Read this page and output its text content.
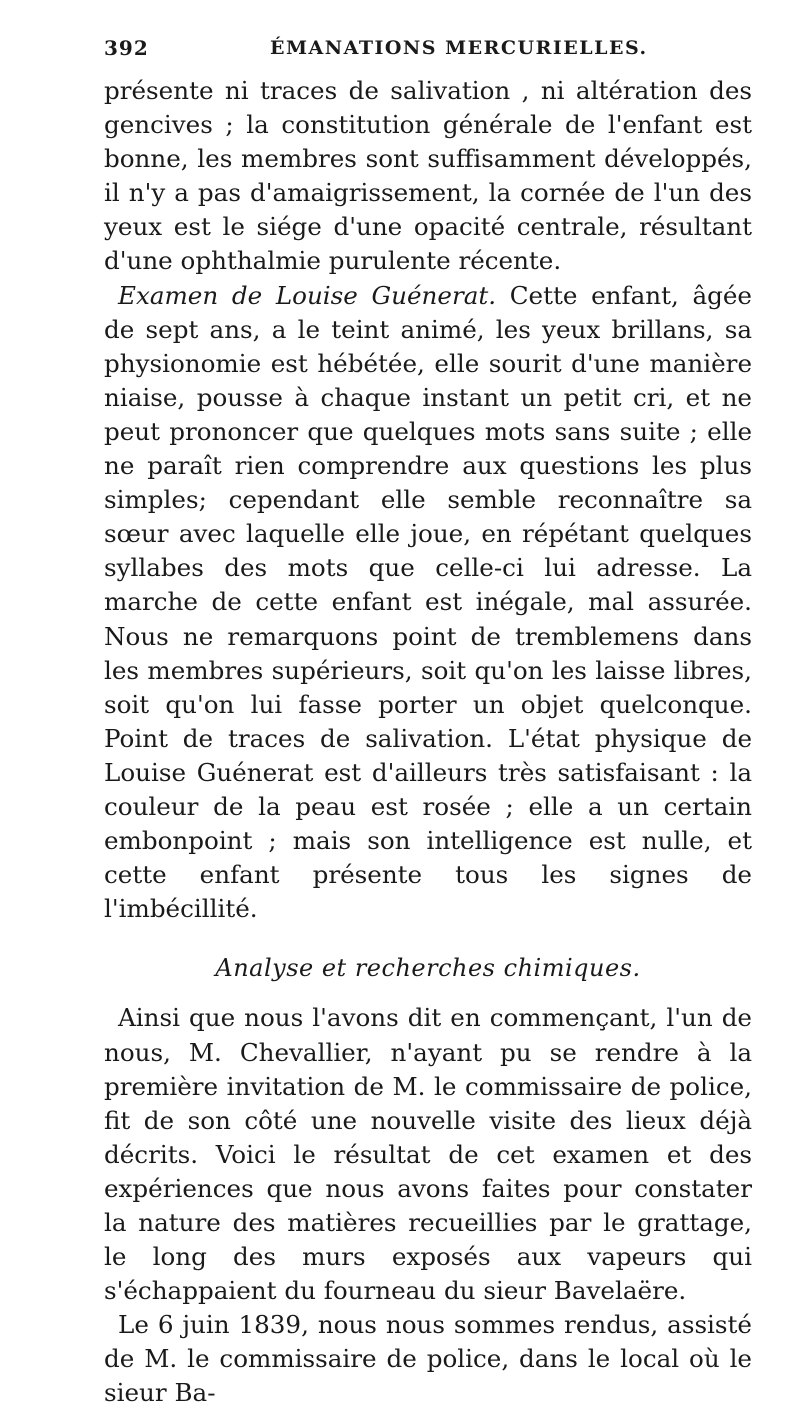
392	ÉMANATIONS MERCURIELLES.

présente ni traces de salivation , ni altération des gencives ; la constitution générale de l'enfant est bonne, les membres sont suffisamment développés, il n'y a pas d'amaigrissement, la cornée de l'un des yeux est le siége d'une opacité centrale, résultant d'une ophthalmie purulente récente.

Examen de Louise Guénerat. Cette enfant, âgée de sept ans, a le teint animé, les yeux brillans, sa physionomie est hébétée, elle sourit d'une manière niaise, pousse à chaque instant un petit cri, et ne peut prononcer que quelques mots sans suite ; elle ne paraît rien comprendre aux questions les plus simples; cependant elle semble reconnaître sa sœur avec laquelle elle joue, en répétant quelques syllabes des mots que celle-ci lui adresse. La marche de cette enfant est inégale, mal assurée. Nous ne remarquons point de tremblemens dans les membres supérieurs, soit qu'on les laisse libres, soit qu'on lui fasse porter un objet quelconque. Point de traces de salivation. L'état physique de Louise Guénerat est d'ailleurs très satisfaisant : la couleur de la peau est rosée ; elle a un certain embonpoint ; mais son intelligence est nulle, et cette enfant présente tous les signes de l'imbécillité.

Analyse et recherches chimiques.

Ainsi que nous l'avons dit en commençant, l'un de nous, M. Chevallier, n'ayant pu se rendre à la première invitation de M. le commissaire de police, fit de son côté une nouvelle visite des lieux déjà décrits. Voici le résultat de cet examen et des expériences que nous avons faites pour constater la nature des matières recueillies par le grattage, le long des murs exposés aux vapeurs qui s'échappaient du fourneau du sieur Bavelaëre.

Le 6 juin 1839, nous nous sommes rendus, assisté de M. le commissaire de police, dans le local où le sieur Ba-
